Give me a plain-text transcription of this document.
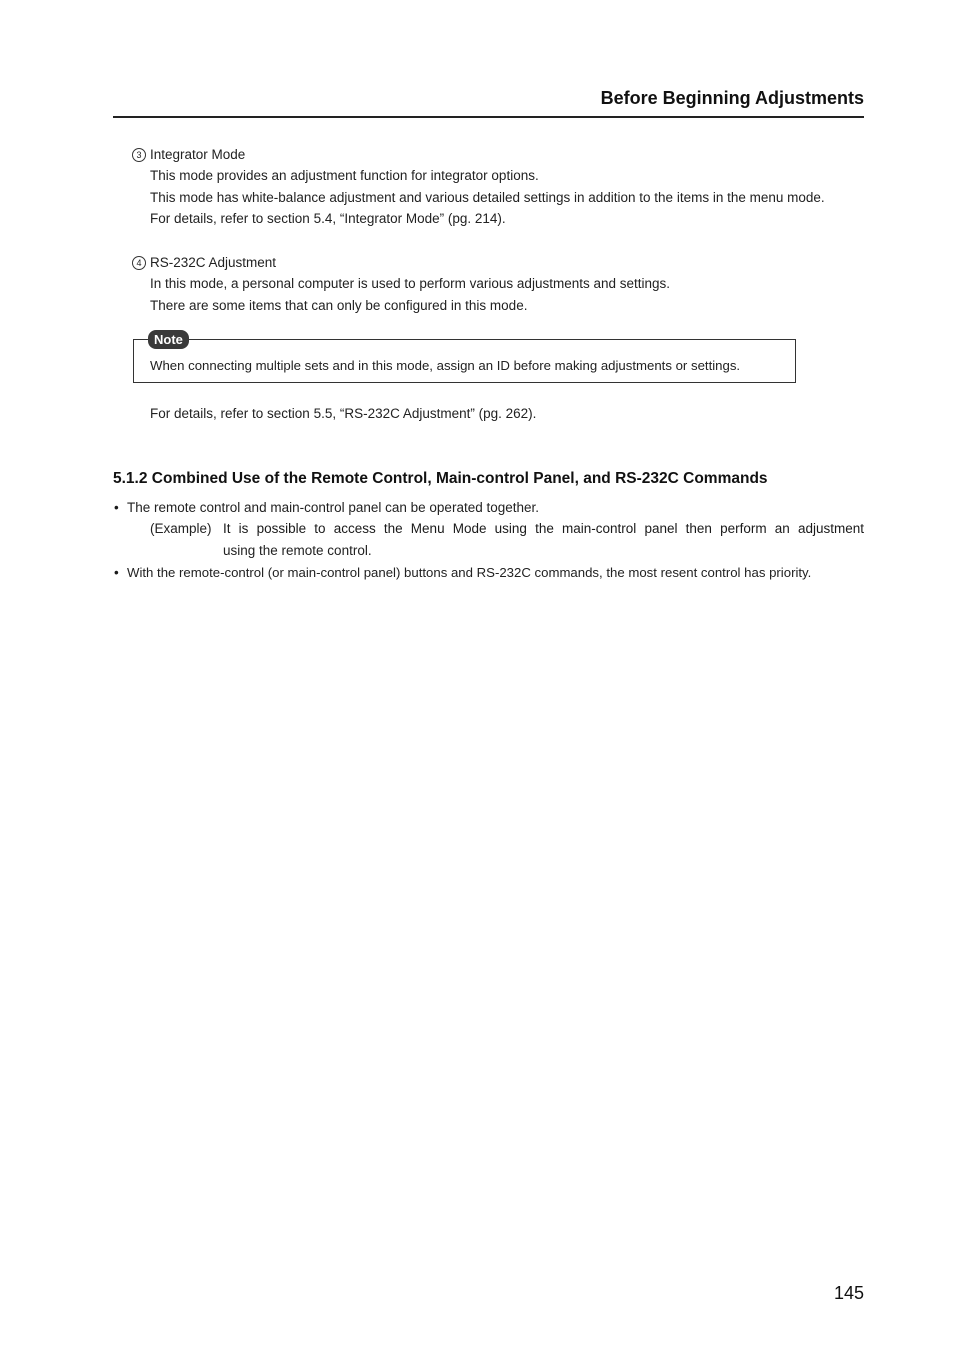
Before Beginning Adjustments
3 Integrator Mode
This mode provides an adjustment function for integrator options.
This mode has white-balance adjustment and various detailed settings in addition to the items in the menu mode.
For details, refer to section 5.4, “Integrator Mode” (pg. 214).
4 RS-232C Adjustment
In this mode, a personal computer is used to perform various adjustments and settings.
There are some items that can only be configured in this mode.
Note
When connecting multiple sets and in this mode, assign an ID before making adjustments or settings.
For details, refer to section 5.5, “RS-232C Adjustment” (pg. 262).
5.1.2 Combined Use of the Remote Control, Main-control Panel, and RS-232C Commands
• The remote control and main-control panel can be operated together.
(Example) It is possible to access the Menu Mode using the main-control panel then perform an adjustment
using the remote control.
• With the remote-control (or main-control panel) buttons and RS-232C commands, the most resent control has priority.
145
